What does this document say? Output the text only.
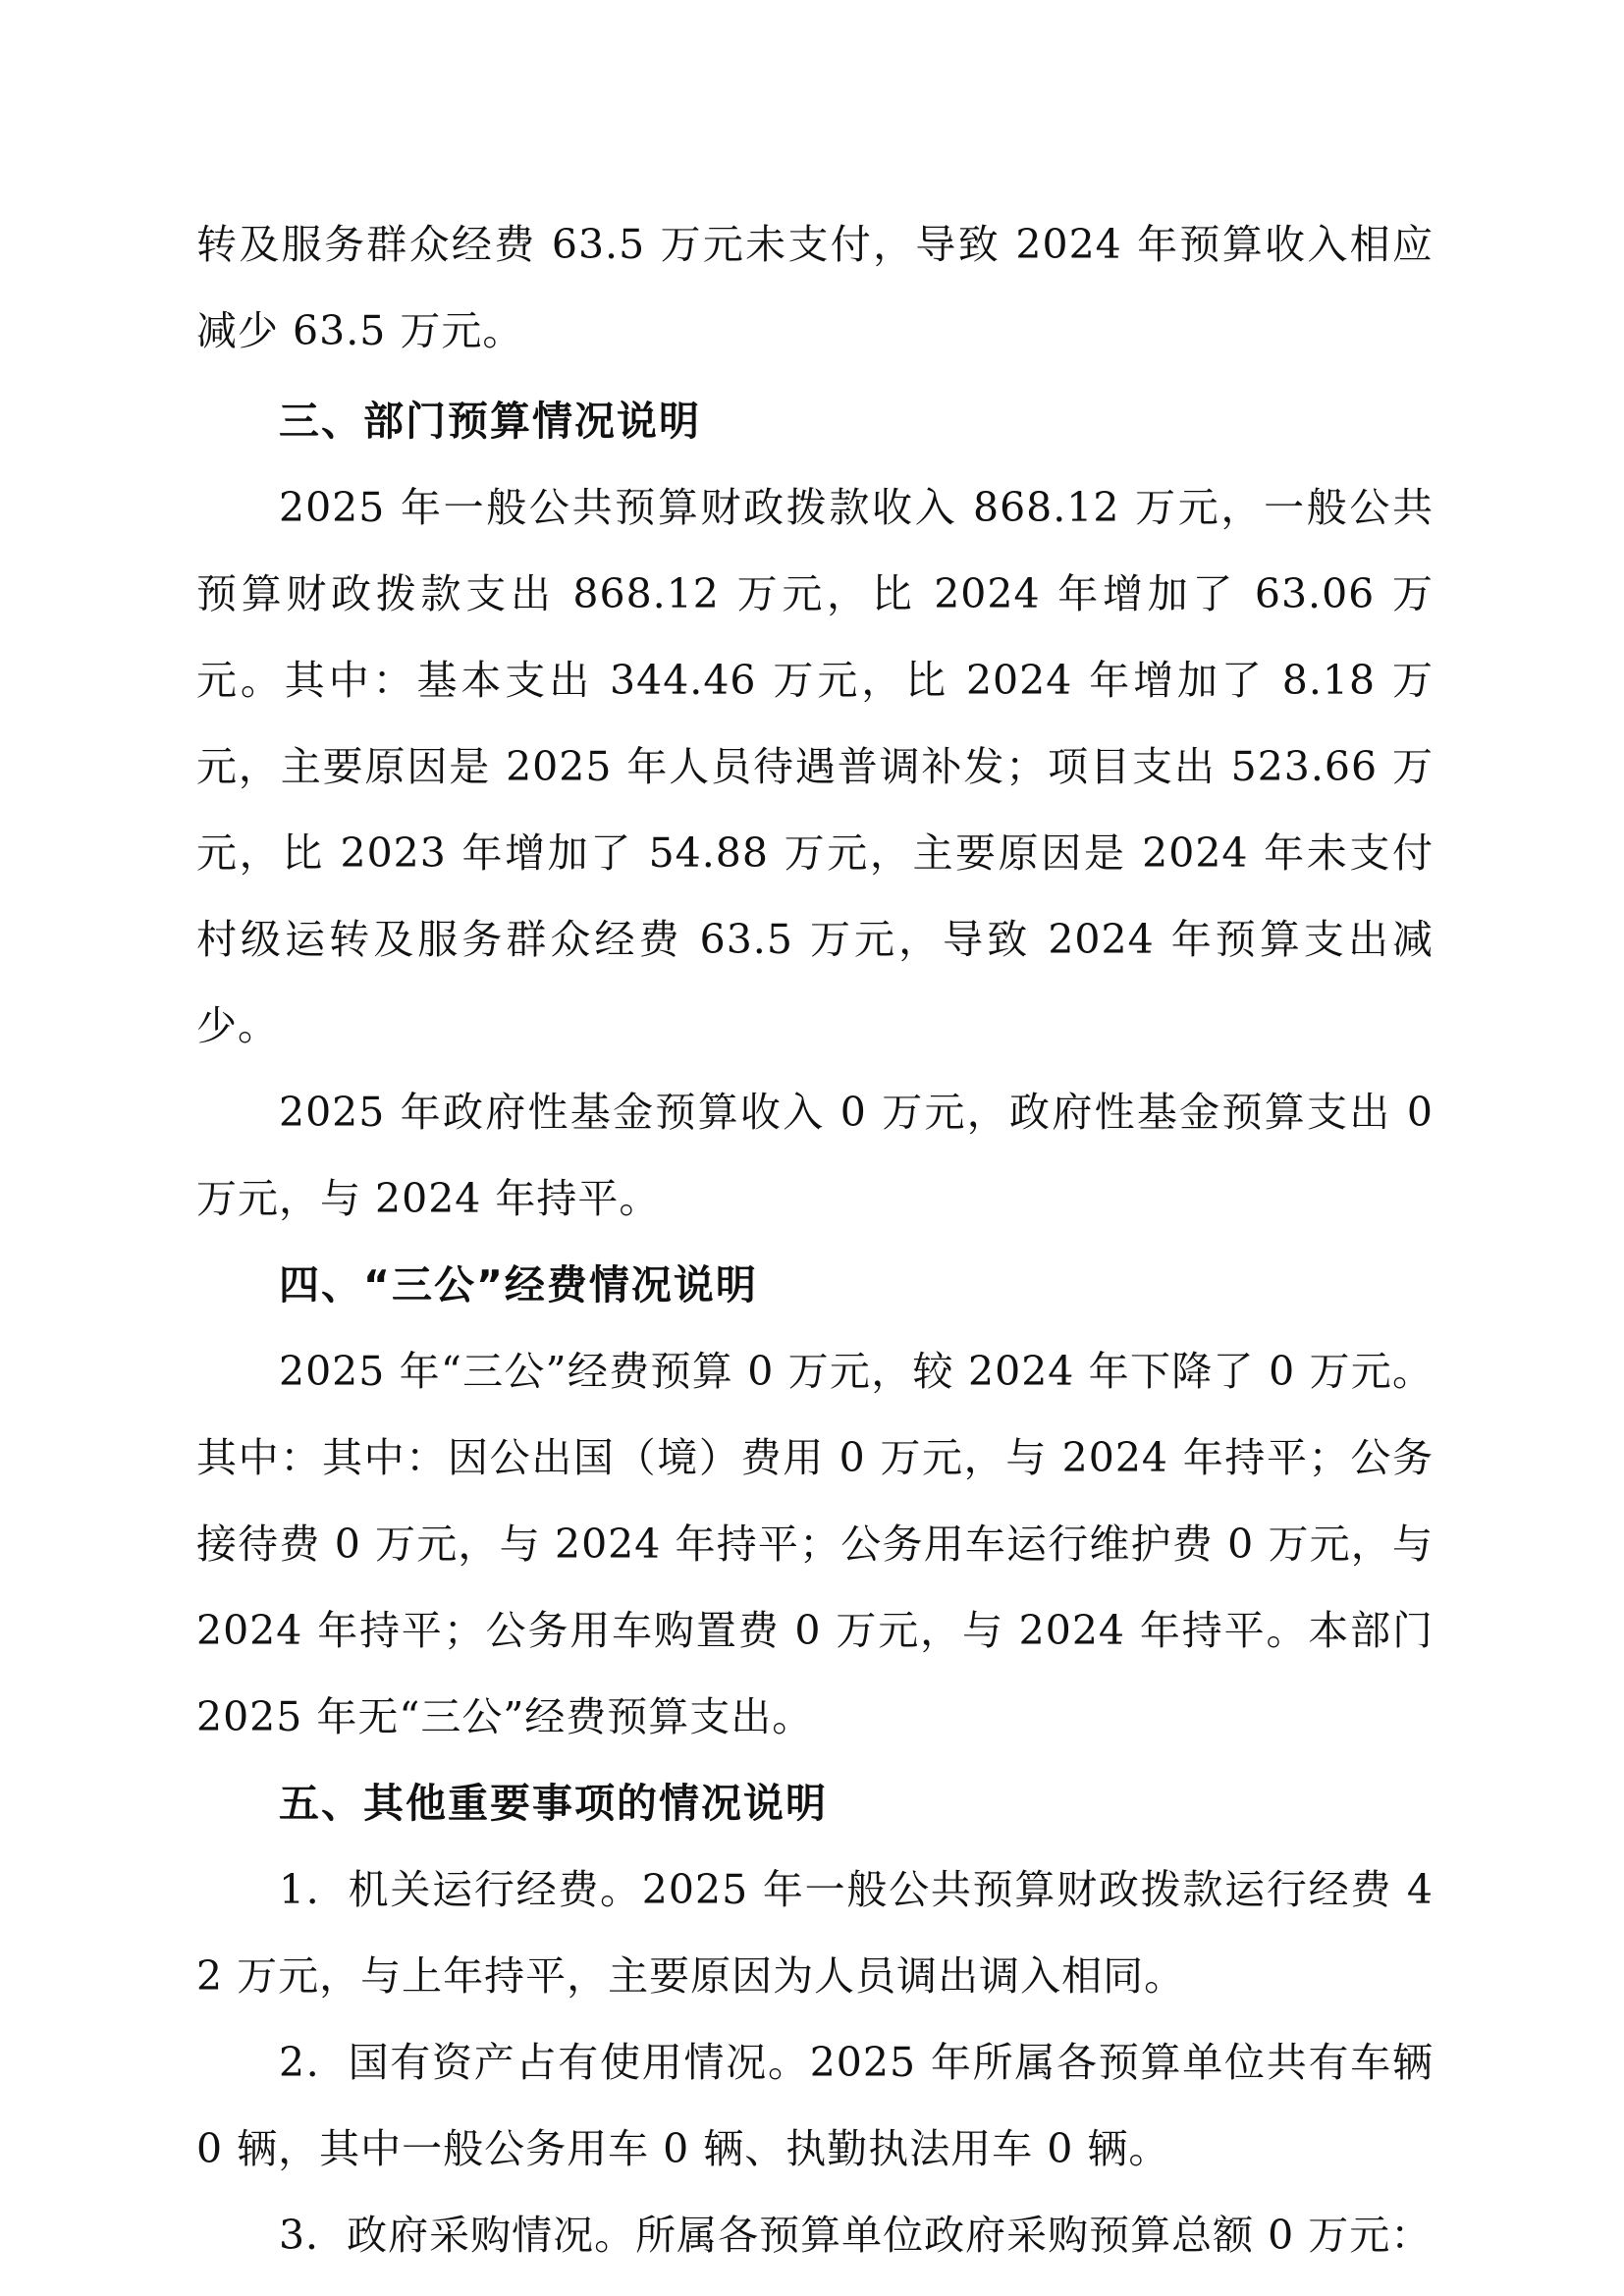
转及服务群众经费 63.5 万元未支付，导致 2024 年预算收入相应减少 63.5 万元。

三、部门预算情况说明

2025 年一般公共预算财政拨款收入 868.12 万元，一般公共预算财政拨款支出 868.12 万元，比 2024 年增加了 63.06 万元。其中：基本支出 344.46 万元，比 2024 年增加了 8.18 万元，主要原因是 2025 年人员待遇普调补发；项目支出 523.66 万元，比 2023 年增加了 54.88 万元，主要原因是 2024 年未支付村级运转及服务群众经费 63.5 万元，导致 2024 年预算支出减少。

2025 年政府性基金预算收入 0 万元，政府性基金预算支出 0 万元，与 2024 年持平。

四、“三公”经费情况说明

2025 年“三公”经费预算 0 万元，较 2024 年下降了 0 万元。其中：其中：因公出国（境）费用 0 万元，与 2024 年持平；公务接待费 0 万元，与 2024 年持平；公务用车运行维护费 0 万元，与 2024 年持平；公务用车购置费 0 万元，与 2024 年持平。本部门 2025 年无“三公”经费预算支出。

五、其他重要事项的情况说明

1．机关运行经费。2025 年一般公共预算财政拨款运行经费 42 万元，与上年持平，主要原因为人员调出调入相同。

2．国有资产占有使用情况。2025 年所属各预算单位共有车辆 0 辆，其中一般公务用车 0 辆、执勤执法用车 0 辆。

3．政府采购情况。所属各预算单位政府采购预算总额 0 万元：
